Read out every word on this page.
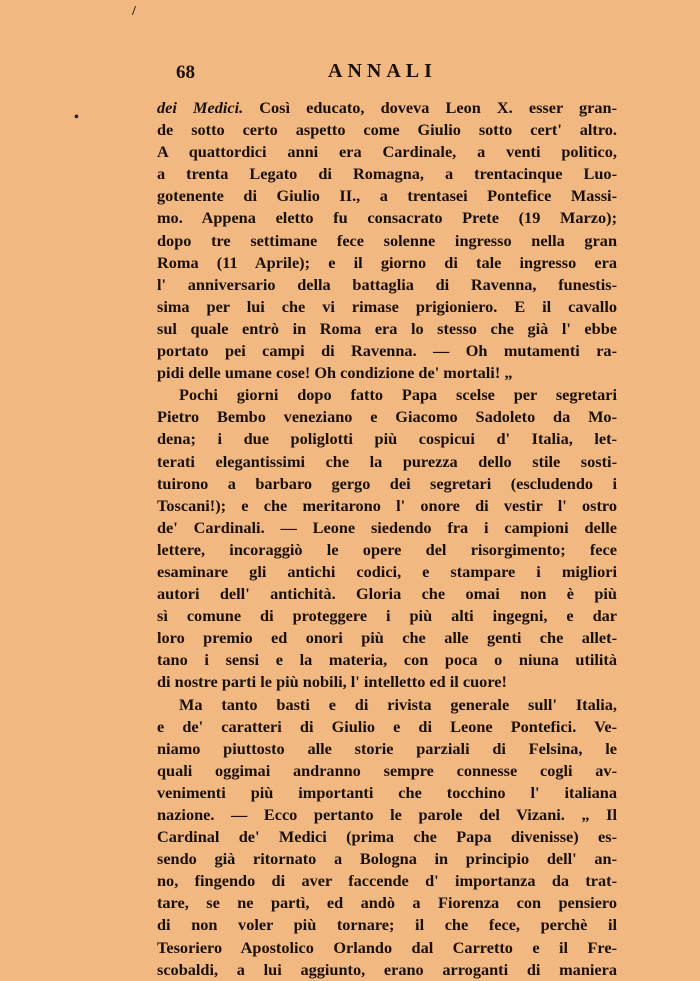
/
•
68	ANNALI
dei Medici. Così educato, doveva Leon X. esser gran-
de sotto certo aspetto come Giulio sotto cert' altro.
A quattordici anni era Cardinale, a venti politico,
a trenta Legato di Romagna, a trentacinque Luo-
gotenente di Giulio II., a trentasei Pontefice Massi-
mo. Appena eletto fu consacrato Prete (19 Marzo);
dopo tre settimane fece solenne ingresso nella gran
Roma (11 Aprile); e il giorno di tale ingresso era
l' anniversario della battaglia di Ravenna, funestis-
sima per lui che vi rimase prigioniero. E il cavallo
sul quale entrò in Roma era lo stesso che già l' ebbe
portato pei campi di Ravenna. — Oh mutamenti ra-
pidi delle umane cose! Oh condizione de' mortali! „
Pochi giorni dopo fatto Papa scelse per segretari
Pietro Bembo veneziano e Giacomo Sadoleto da Mo-
dena; i due poliglotti più cospicui d' Italia, let-
terati elegantissimi che la purezza dello stile sosti-
tuirono a barbaro gergo dei segretari (escludendo i
Toscani!); e che meritarono l' onore di vestir l' ostro
de' Cardinali. — Leone siedendo fra i campioni delle
lettere, incoraggiò le opere del risorgimento; fece
esaminare gli antichi codici, e stampare i migliori
autori dell' antichità. Gloria che omai non è più
sì comune di proteggere i più alti ingegni, e dar
loro premio ed onori più che alle genti che allet-
tano i sensi e la materia, con poca o niuna utilità
di nostre parti le più nobili, l' intelletto ed il cuore!
Ma tanto basti e di rivista generale sull' Italia,
e de' caratteri di Giulio e di Leone Pontefici. Ve-
niamo piuttosto alle storie parziali di Felsina, le
quali oggimai andranno sempre connesse cogli av-
venimenti più importanti che tocchino l' italiana
nazione. — Ecco pertanto le parole del Vizani. „ Il
Cardinal de' Medici (prima che Papa divenisse) es-
sendo già ritornato a Bologna in principio dell' an-
no, fingendo di aver faccende d' importanza da trat-
tare, se ne partì, ed andò a Fiorenza con pensiero
di non voler più tornare; il che fece, perchè il
Tesoriero Apostolico Orlando dal Carretto e il Fre-
scobaldi, a lui aggiunto, erano arroganti di maniera
